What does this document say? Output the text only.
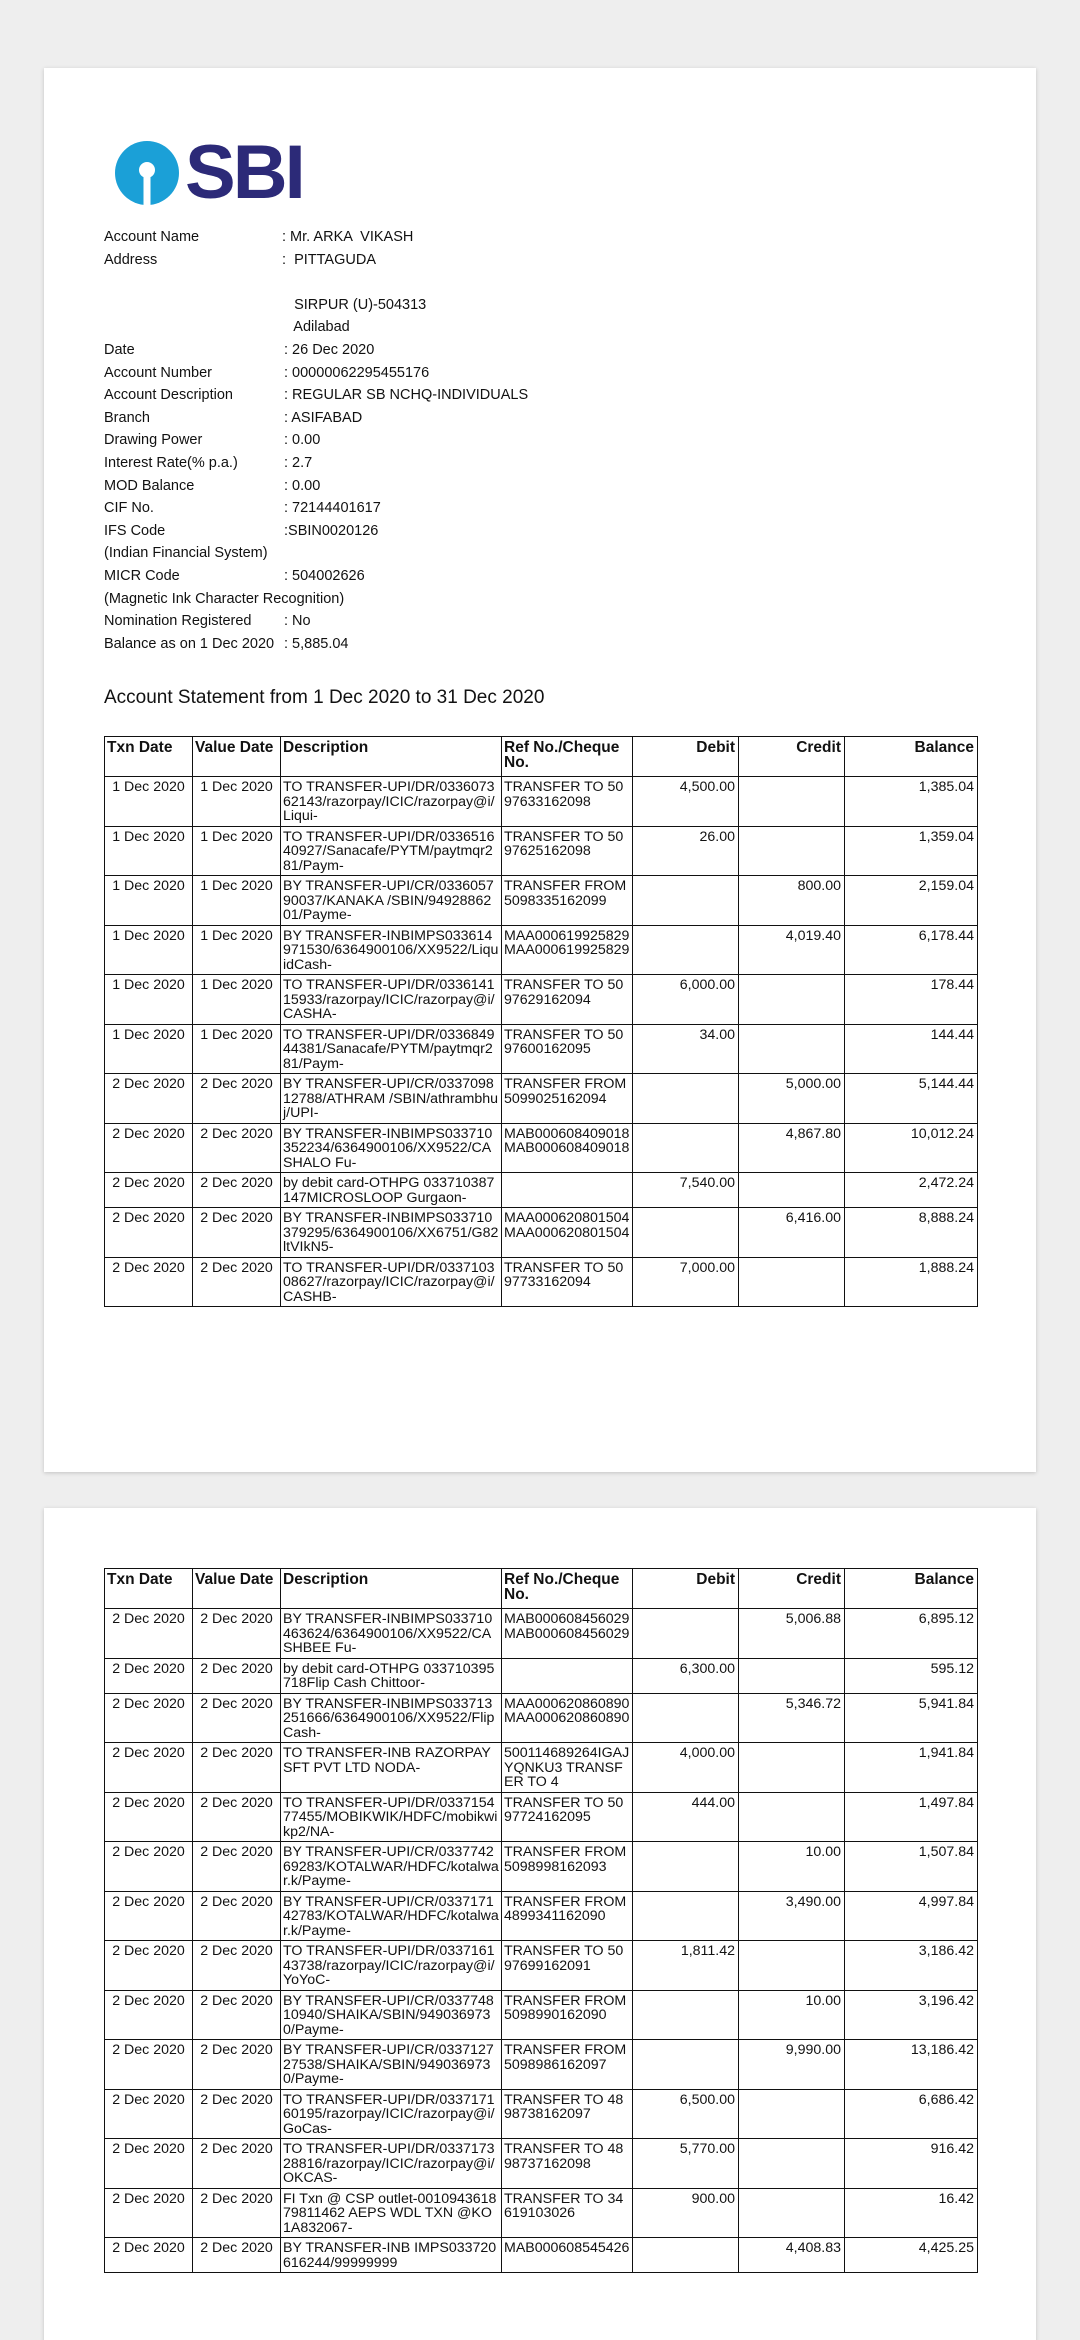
SBI
Account Name	: Mr. ARKA  VIKASH
Address	:  PITTAGUDA
SIRPUR (U)-504313
Adilabad
Date	: 26 Dec 2020
Account Number	: 00000062295455176
Account Description	: REGULAR SB NCHQ-INDIVIDUALS
Branch	: ASIFABAD
Drawing Power	: 0.00
Interest Rate(% p.a.)	: 2.7
MOD Balance	: 0.00
CIF No.	: 72144401617
IFS Code	:SBIN0020126
(Indian Financial System)
MICR Code	: 504002626
(Magnetic Ink Character Recognition)
Nomination Registered : No
Balance as on 1 Dec 2020 : 5,885.04
Account Statement from 1 Dec 2020 to 31 Dec 2020
Txn Date	Value Date	Description	Ref No./Cheque No.	Debit	Credit	Balance

1 Dec 2020	1 Dec 2020	TO TRANSFER-UPI/DR/033607362143/razorpay/ICIC/razorpay@i/Liqui-	TRANSFER TO 5097633162098	4,500.00		1,385.04

1 Dec 2020	1 Dec 2020	TO TRANSFER-UPI/DR/033651640927/Sanacafe/PYTM/paytmqr281/Paym-	TRANSFER TO 5097625162098	26.00		1,359.04

1 Dec 2020	1 Dec 2020	BY TRANSFER-UPI/CR/033605790037/KANAKA /SBIN/9492886201/Payme-	TRANSFER FROM 5098335162099		800.00	2,159.04

1 Dec 2020	1 Dec 2020	BY TRANSFER-INBIMPS033614971530/6364900106/XX9522/LiquidCash-	MAA000619925829 MAA000619925829		4,019.40	6,178.44

1 Dec 2020	1 Dec 2020	TO TRANSFER-UPI/DR/033614115933/razorpay/ICIC/razorpay@i/CASHA-	TRANSFER TO 5097629162094	6,000.00		178.44

1 Dec 2020	1 Dec 2020	TO TRANSFER-UPI/DR/033684944381/Sanacafe/PYTM/paytmqr281/Paym-	TRANSFER TO 5097600162095	34.00		144.44

2 Dec 2020	2 Dec 2020	BY TRANSFER-UPI/CR/033709812788/ATHRAM /SBIN/athrambhuj/UPI-	TRANSFER FROM 5099025162094		5,000.00	5,144.44

2 Dec 2020	2 Dec 2020	BY TRANSFER-INBIMPS033710352234/6364900106/XX9522/CASHALO Fu-	MAB000608409018 MAB000608409018		4,867.80	10,012.24

2 Dec 2020	2 Dec 2020	by debit card-OTHPG 033710387147MICROSLOOP Gurgaon-		7,540.00		2,472.24

2 Dec 2020	2 Dec 2020	BY TRANSFER-INBIMPS033710379295/6364900106/XX6751/G82ltVIkN5-	MAA000620801504 MAA000620801504		6,416.00	8,888.24

2 Dec 2020	2 Dec 2020	TO TRANSFER-UPI/DR/033710308627/razorpay/ICIC/razorpay@i/CASHB-	TRANSFER TO 5097733162094	7,000.00		1,888.24
Txn Date	Value Date	Description	Ref No./Cheque No.	Debit	Credit	Balance

2 Dec 2020	2 Dec 2020	BY TRANSFER-INBIMPS033710463624/6364900106/XX9522/CASHBEE Fu-	MAB000608456029 MAB000608456029		5,006.88	6,895.12

2 Dec 2020	2 Dec 2020	by debit card-OTHPG 033710395718Flip Cash Chittoor-		6,300.00		595.12

2 Dec 2020	2 Dec 2020	BY TRANSFER-INBIMPS033713251666/6364900106/XX9522/Flip Cash-	MAA000620860890 MAA000620860890		5,346.72	5,941.84

2 Dec 2020	2 Dec 2020	TO TRANSFER-INB RAZORPAY SFT PVT LTD NODA-	500114689264IGAJYQNKU3 TRANSFER TO 4	4,000.00		1,941.84

2 Dec 2020	2 Dec 2020	TO TRANSFER-UPI/DR/033715477455/MOBIKWIK/HDFC/mobikwikp2/NA-	TRANSFER TO 5097724162095	444.00		1,497.84

2 Dec 2020	2 Dec 2020	BY TRANSFER-UPI/CR/033774269283/KOTALWAR/HDFC/kotalwar.k/Payme-	TRANSFER FROM 5098998162093		10.00	1,507.84

2 Dec 2020	2 Dec 2020	BY TRANSFER-UPI/CR/033717142783/KOTALWAR/HDFC/kotalwar.k/Payme-	TRANSFER FROM 4899341162090		3,490.00	4,997.84

2 Dec 2020	2 Dec 2020	TO TRANSFER-UPI/DR/033716143738/razorpay/ICIC/razorpay@i/YoYoC-	TRANSFER TO 5097699162091	1,811.42		3,186.42

2 Dec 2020	2 Dec 2020	BY TRANSFER-UPI/CR/033774810940/SHAIKA/SBIN/9490369730/Payme-	TRANSFER FROM 5098990162090		10.00	3,196.42

2 Dec 2020	2 Dec 2020	BY TRANSFER-UPI/CR/033712727538/SHAIKA/SBIN/9490369730/Payme-	TRANSFER FROM 5098986162097		9,990.00	13,186.42

2 Dec 2020	2 Dec 2020	TO TRANSFER-UPI/DR/033717160195/razorpay/ICIC/razorpay@i/GoCas-	TRANSFER TO 4898738162097	6,500.00		6,686.42

2 Dec 2020	2 Dec 2020	TO TRANSFER-UPI/DR/033717328816/razorpay/ICIC/razorpay@i/OKCAS-	TRANSFER TO 4898737162098	5,770.00		916.42

2 Dec 2020	2 Dec 2020	FI Txn @ CSP outlet-001094361879811462 AEPS WDL TXN @KO 1A832067-	TRANSFER TO 34619103026	900.00		16.42

2 Dec 2020	2 Dec 2020	BY TRANSFER-INB IMPS033720616244/99999999	MAB000608545426		4,408.83	4,425.25
